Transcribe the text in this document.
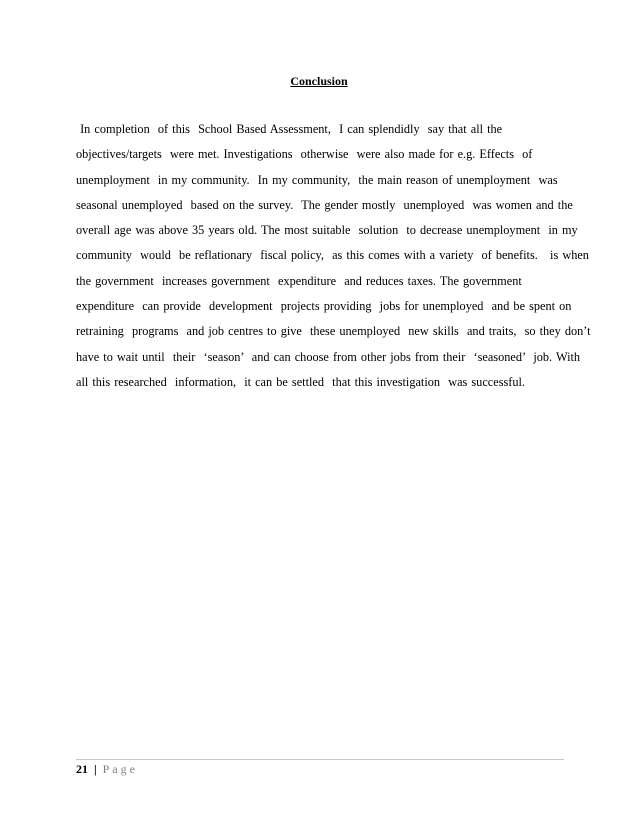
Conclusion
In completion  of this  School Based Assessment,  I can splendidly  say that all the
objectives/targets  were met. Investigations  otherwise  were also made for e.g. Effects  of
unemployment  in my community.  In my community,  the main reason of unemployment  was
seasonal unemployed  based on the survey.  The gender mostly  unemployed  was women and the
overall age was above 35 years old. The most suitable  solution  to decrease unemployment  in my
community  would  be reflationary  fiscal policy,  as this comes with a variety  of benefits.   is when
the government  increases government  expenditure  and reduces taxes. The government
expenditure  can provide  development  projects providing  jobs for unemployed  and be spent on
retraining  programs  and job centres to give  these unemployed  new skills  and traits,  so they don’t
have to wait until  their  ‘season’  and can choose from other jobs from their  ‘seasoned’  job. With
all this researched  information,  it can be settled  that this investigation  was successful.
21 | Page
